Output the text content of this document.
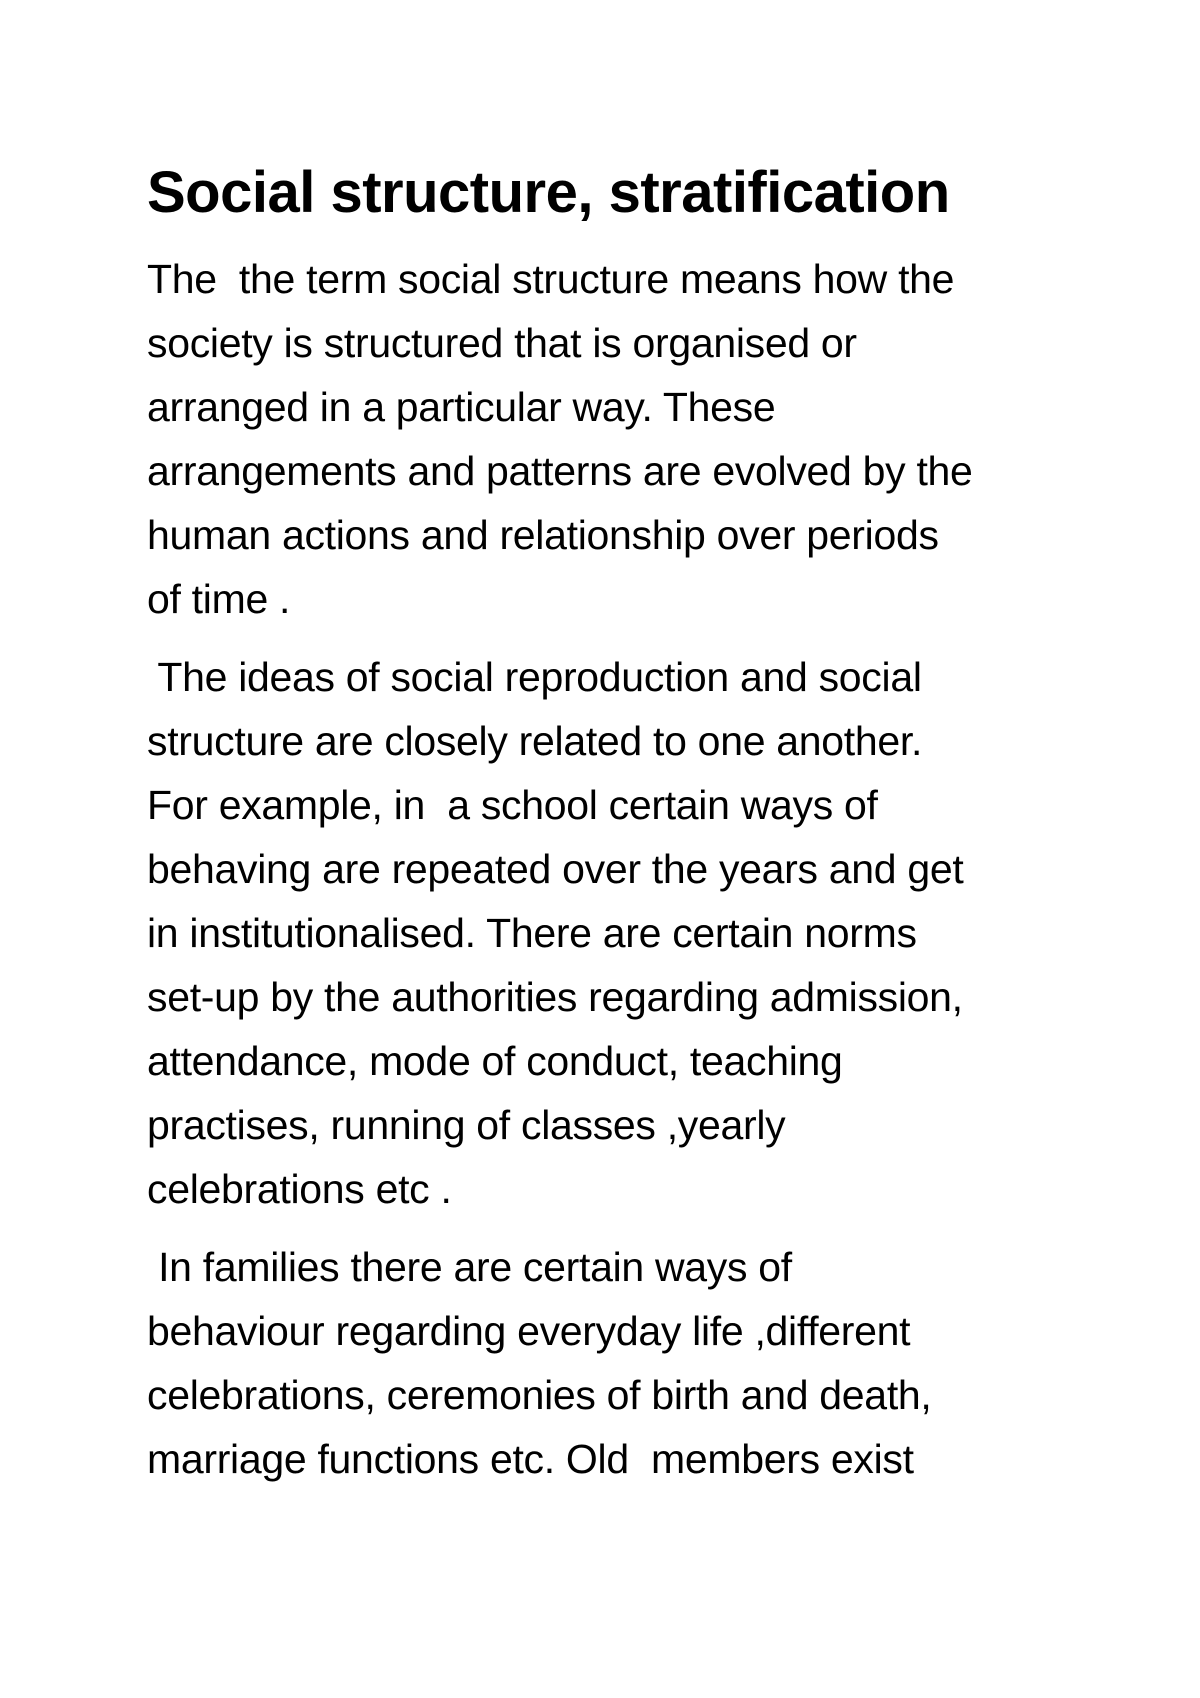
Social structure, stratification
The  the term social structure means how the
society is structured that is organised or
arranged in a particular way. These
arrangements and patterns are evolved by the
human actions and relationship over periods
of time .
The ideas of social reproduction and social
structure are closely related to one another.
For example, in  a school certain ways of
behaving are repeated over the years and get
in institutionalised. There are certain norms
set-up by the authorities regarding admission,
attendance, mode of conduct, teaching
practises, running of classes ,yearly
celebrations etc .
In families there are certain ways of
behaviour regarding everyday life ,different
celebrations, ceremonies of birth and death,
marriage functions etc. Old  members exist
